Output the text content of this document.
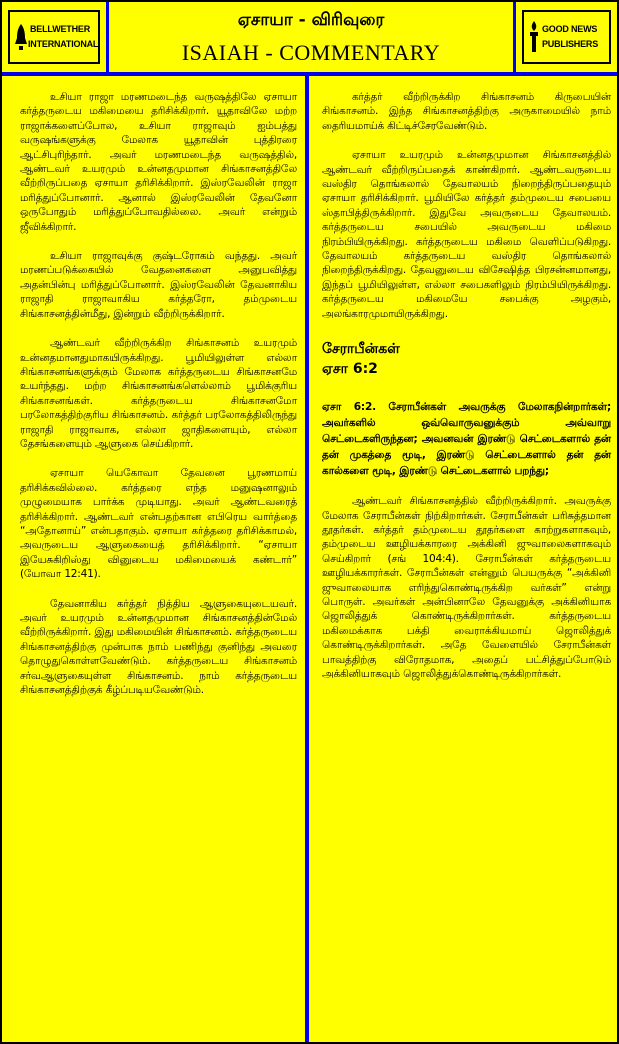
BELLWETHER
INTERNATIONAL
ஏசாயா - விரிவுரை
ISAIAH - COMMENTARY
GOOD NEWS
PUBLISHERS

உசியா ராஜா மரணமடைந்த வருஷத்திலே ஏசாயா கர்த்தருடைய மகிமையை தரிசிக்கிறார். யூதாவிலே மற்ற ராஜாக்களைப்போல, உசியா ராஜாவும் ஐம்பத்து வருஷங்களுக்கு மேலாக யூதாவின் புத்திரரை ஆட்சிபுரிந்தார். அவர் மரணமடைந்த வருஷத்தில், ஆண்டவர் உயரமும் உன்னதமுமான சிங்காசனத்திலே வீற்றிருப்பதை ஏசாயா தரிசிக்கிறார். இஸ்ரவேலின் ராஜா மரித்துப்போனார். ஆனால் இஸ்ரவேலின் தேவனோ ஒருபோதும் மரித்துப்போவதில்லை. அவர் என்றும் ஜீவிக்கிறார்.

உசியா ராஜாவுக்கு குஷ்டரோகம் வந்தது. அவர் மரணப்படுக்கையில் வேதனைகளை அனுபவித்து அதன்பின்பு மரித்துப்போனார். இஸ்ரவேலின் தேவனாகிய ராஜாதி ராஜாவாகிய கர்த்தரோ, தம்முடைய சிங்காசனத்தின்மீது, இன்றும் வீற்றிருக்கிறார்.

ஆண்டவர் வீற்றிருக்கிற சிங்காசனம் உயரமும் உன்னதமானதுமாகயிருக்கிறது. பூமியிலுள்ள எல்லா சிங்காசனங்களுக்கும் மேலாக கர்த்தருடைய சிங்காசனமே உயர்ந்தது. மற்ற சிங்காசனங்களெல்லாம் பூமிக்குரிய சிங்காசனங்கள். கர்த்தருடைய சிங்காசனமோ பரலோகத்திற்குரிய சிங்காசனம். கர்த்தர் பரலோகத்திலிருந்து ராஜாதி ராஜாவாக, எல்லா ஜாதிகளையும், எல்லா தேசங்களையும் ஆளுகை செய்கிறார்.

ஏசாயா யெகோவா தேவனை பூரணமாய் தரிசிக்கவில்லை. கர்த்தரை எந்த மனுஷனாலும் முழுமையாக பார்க்க முடியாது. அவர் ஆண்டவரைத் தரிசிக்கிறார். ஆண்டவர் என்பதற்கான எபிரெய வார்த்தை “அதோனாய்” என்பதாகும். ஏசாயா கர்த்தரை தரிசிக்காமல், அவருடைய ஆளுகையைத் தரிசிக்கிறார். “ஏசாயா இயேசுகிறிஸ்து வினுடைய மகிமையைக் கண்டார்” (யோவா 12:41).

தேவனாகிய கர்த்தர் நித்திய ஆளுகையுடையவர். அவர் உயரமும் உன்னதமுமான சிங்காசனத்தின்மேல் வீற்றிருக்கிறார். இது மகிமையின் சிங்காசனம். கர்த்தருடைய சிங்காசனத்திற்கு முன்பாக நாம் பணிந்து குனிந்து அவரை தொழுதுகொள்ளவேண்டும். கர்த்தருடைய சிங்காசனம் சர்வஆளுகையுள்ள சிங்காசனம். நாம் கர்த்தருடைய சிங்காசனத்திற்குக் கீழ்ப்படியவேண்டும்.

கர்த்தர் வீற்றிருக்கிற சிங்காசனம் கிருபையின் சிங்காசனம். இந்த சிங்காசனத்திற்கு அருகாமையில் நாம் தைரியமாய்க் கிட்டிச்சேரவேண்டும்.

ஏசாயா உயரமும் உன்னதமுமான சிங்காசனத்தில் ஆண்டவர் வீற்றிருப்பதைக் காண்கிறார். ஆண்டவருடைய வஸ்திர தொங்கலால் தேவாலயம் நிறைந்திருப்பதையும் ஏசாயா தரிசிக்கிறார். பூமியிலே கர்த்தர் தம்முடைய சபையை ஸ்தாபித்திருக்கிறார். இதுவே அவருடைய தேவாலயம். கர்த்தருடைய சபையில் அவருடைய மகிமை நிரம்பியிருக்கிறது. கர்த்தருடைய மகிமை வெளிப்படுகிறது. தேவாலயம் கர்த்தருடைய வஸ்திர தொங்கலால் நிறைந்திருக்கிறது. தேவனுடைய விசேஷித்த பிரசன்னமானது, இந்தப் பூமியிலுள்ள, எல்லா சபைகளிலும் நிரம்பியிருக்கிறது. கர்த்தருடைய மகிமையே சபைக்கு அழகும், அலங்காரமுமாயிருக்கிறது.

சேராபீன்கள்
ஏசா 6:2

ஏசா 6:2. சேராபீன்கள் அவருக்கு மேலாகநின்றார்கள்; அவர்களில் ஒவ்வொருவனுக்கும் அவ்வாறு செட்டைகளிருந்தன; அவனவன் இரண்டு செட்டைகளால் தன் தன் முகத்தை மூடி, இரண்டு செட்டைகளால் தன் தன் கால்களை மூடி, இரண்டு செட்டைகளால் பறந்து;

ஆண்டவர் சிங்காசனத்தில் வீற்றிருக்கிறார். அவருக்கு மேலாக சேராபீன்கள் நிற்கிறார்கள். சேராபீன்கள் பரிசுத்தமான தூதர்கள். கர்த்தர் தம்முடைய தூதர்களை காற்றுகளாகவும், தம்முடைய ஊழியக்காரரை அக்கினி ஜுவாலைகளாகவும் செய்கிறார் (சங் 104:4). சேராபீன்கள் கர்த்தருடைய ஊழியக்காரர்கள். சேராபீன்கள் என்னும் பெயருக்கு “அக்கினி ஜுவாலையாக எரிந்துகொண்டிருக்கிற வர்கள்” என்று பொருள். அவர்கள் அன்பினாலே தேவனுக்கு அக்கினியாக ஜொலித்துக் கொண்டிருக்கிறார்கள். கர்த்தருடைய மகிமைக்காக பக்தி வைராக்கியமாய் ஜொலித்துக் கொண்டிருக்கிறார்கள். அதே வேளையில் சேராபீன்கள் பாவத்திற்கு விரோதமாக, அதைப் பட்சித்துப்போடும் அக்கினியாகவும் ஜொலித்துக்கொண்டிருக்கிறார்கள்.
